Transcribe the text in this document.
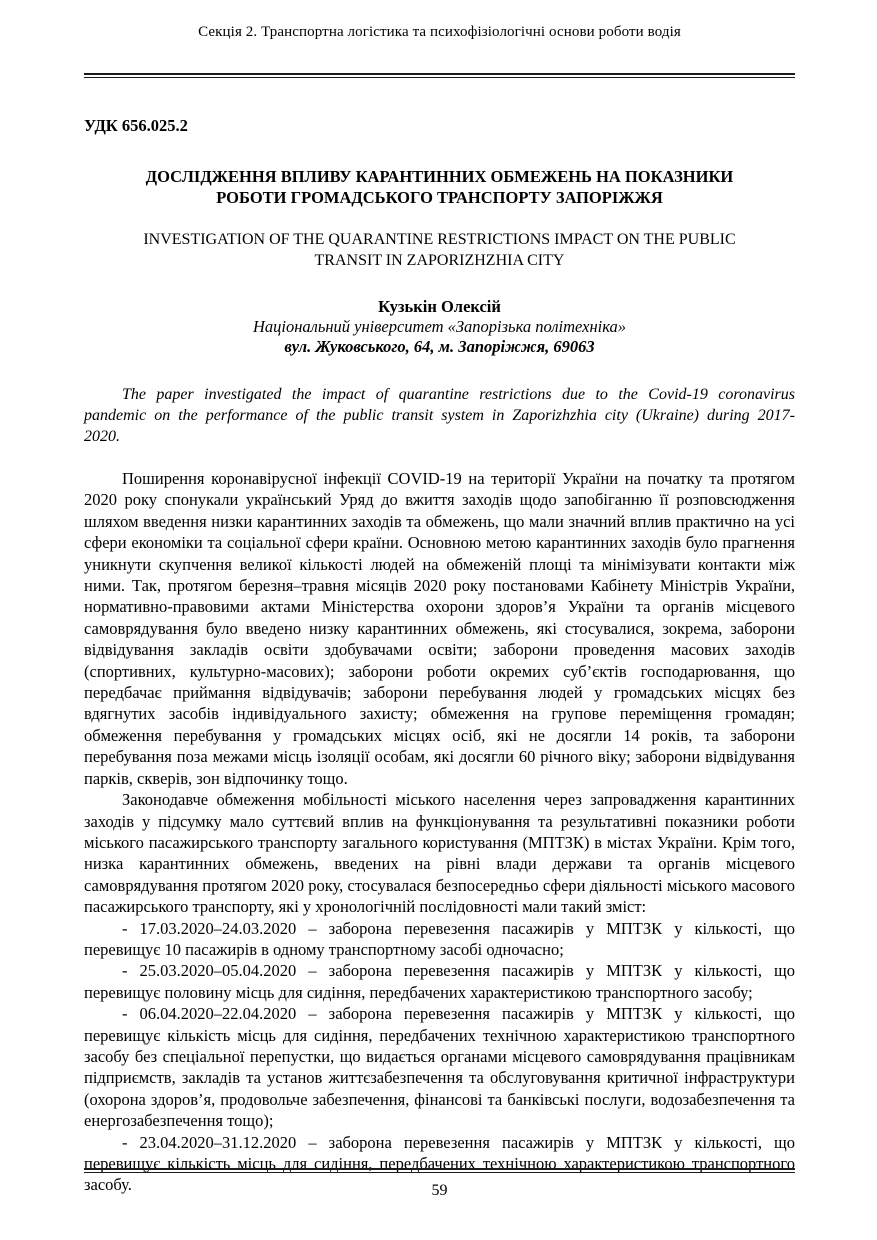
Секція 2. Транспортна логістика та психофізіологічні основи роботи водія
УДК 656.025.2
ДОСЛІДЖЕННЯ ВПЛИВУ КАРАНТИННИХ ОБМЕЖЕНЬ НА ПОКАЗНИКИ РОБОТИ ГРОМАДСЬКОГО ТРАНСПОРТУ ЗАПОРІЖЖЯ
INVESTIGATION OF THE QUARANTINE RESTRICTIONS IMPACT ON THE PUBLIC TRANSIT IN ZAPORIZHZHIA CITY
Кузькін Олексій
Національний університет «Запорізька політехніка»
вул. Жуковського, 64, м. Запоріжжя, 69063
The paper investigated the impact of quarantine restrictions due to the Covid-19 coronavirus pandemic on the performance of the public transit system in Zaporizhzhia city (Ukraine) during 2017-2020.

Поширення коронавірусної інфекції COVID-19 на території України на початку та протягом 2020 року спонукали український Уряд до вжиття заходів щодо запобіганню її розповсюдження шляхом введення низки карантинних заходів та обмежень, що мали значний вплив практично на усі сфери економіки та соціальної сфери країни. Основною метою карантинних заходів було прагнення уникнути скупчення великої кількості людей на обмеженій площі та мінімізувати контакти між ними. Так, протягом березня–травня місяців 2020 року постановами Кабінету Міністрів України, нормативно-правовими актами Міністерства охорони здоров’я України та органів місцевого самоврядування було введено низку карантинних обмежень, які стосувалися, зокрема, заборони відвідування закладів освіти здобувачами освіти; заборони проведення масових заходів (спортивних, культурно-масових); заборони роботи окремих суб’єктів господарювання, що передбачає приймання відвідувачів; заборони перебування людей у громадських місцях без вдягнутих засобів індивідуального захисту; обмеження на групове переміщення громадян; обмеження перебування у громадських місцях осіб, які не досягли 14 років, та заборони перебування поза межами місць ізоляції особам, які досягли 60 річного віку; заборони відвідування парків, скверів, зон відпочинку тощо.

Законодавче обмеження мобільності міського населення через запровадження карантинних заходів у підсумку мало суттєвий вплив на функціонування та результативні показники роботи міського пасажирського транспорту загального користування (МПТЗК) в містах України. Крім того, низка карантинних обмежень, введених на рівні влади держави та органів місцевого самоврядування протягом 2020 року, стосувалася безпосередньо сфери діяльності міського масового пасажирського транспорту, які у хронологічній послідовності мали такий зміст:

- 17.03.2020–24.03.2020 – заборона перевезення пасажирів у МПТЗК у кількості, що перевищує 10 пасажирів в одному транспортному засобі одночасно;

- 25.03.2020–05.04.2020 – заборона перевезення пасажирів у МПТЗК у кількості, що перевищує половину місць для сидіння, передбачених характеристикою транспортного засобу;

- 06.04.2020–22.04.2020 – заборона перевезення пасажирів у МПТЗК у кількості, що перевищує кількість місць для сидіння, передбачених технічною характеристикою транспортного засобу без спеціальної перепустки, що видається органами місцевого самоврядування працівникам підприємств, закладів та установ життєзабезпечення та обслуговування критичної інфраструктури (охорона здоров’я, продовольче забезпечення, фінансові та банківські послуги, водозабезпечення та енергозабезпечення тощо);

- 23.04.2020–31.12.2020 – заборона перевезення пасажирів у МПТЗК у кількості, що перевищує кількість місць для сидіння, передбачених технічною характеристикою транспортного засобу.	59
